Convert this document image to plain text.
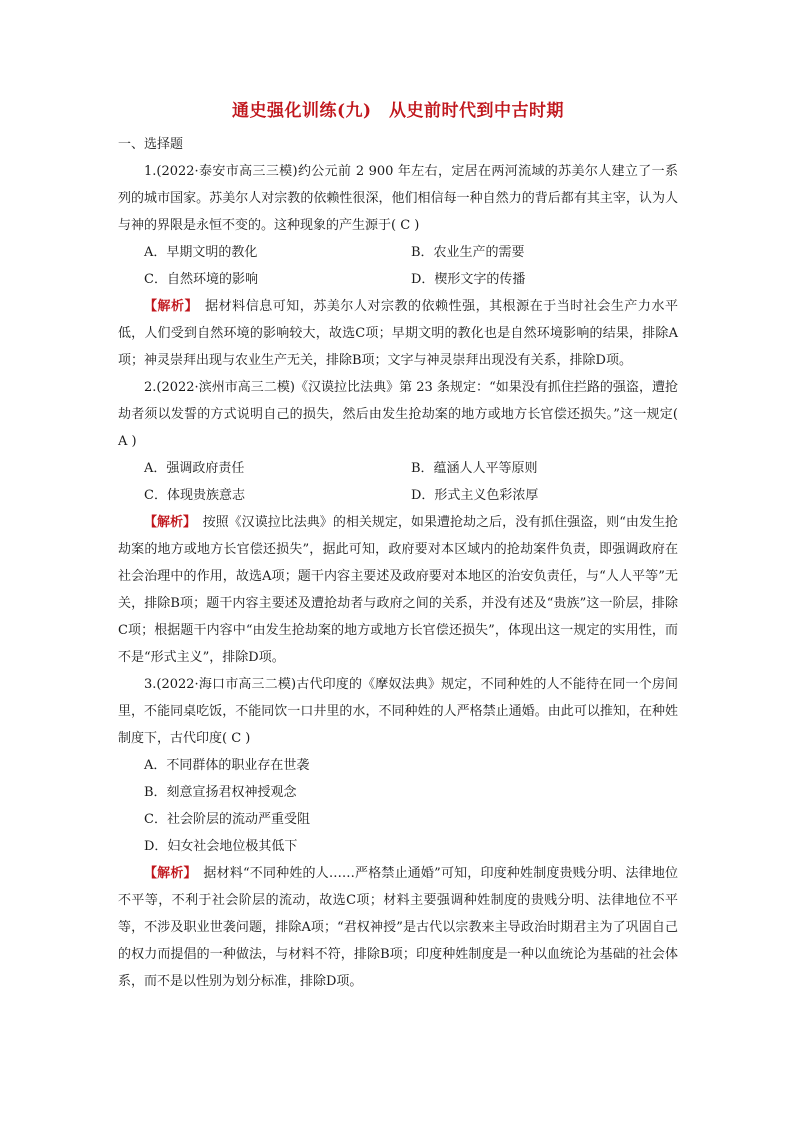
通史强化训练(九)　从史前时代到中古时期

一、选择题

1.(2022·泰安市高三三模)约公元前 2 900 年左右，定居在两河流域的苏美尔人建立了一系列的城市国家。苏美尔人对宗教的依赖性很深，他们相信每一种自然力的背后都有其主宰，认为人与神的界限是永恒不变的。这种现象的产生源于( C )

A．早期文明的教化	B．农业生产的需要
C．自然环境的影响	D．楔形文字的传播

【解析】　据材料信息可知，苏美尔人对宗教的依赖性强，其根源在于当时社会生产力水平低，人们受到自然环境的影响较大，故选C项；早期文明的教化也是自然环境影响的结果，排除A项；神灵崇拜出现与农业生产无关，排除B项；文字与神灵崇拜出现没有关系，排除D项。

2.(2022·滨州市高三二模)《汉谟拉比法典》第 23 条规定：“如果没有抓住拦路的强盗，遭抢劫者须以发誓的方式说明自己的损失，然后由发生抢劫案的地方或地方长官偿还损失。”这一规定( A )

A．强调政府责任	B．蕴涵人人平等原则
C．体现贵族意志	D．形式主义色彩浓厚

【解析】　按照《汉谟拉比法典》的相关规定，如果遭抢劫之后，没有抓住强盗，则“由发生抢劫案的地方或地方长官偿还损失”，据此可知，政府要对本区域内的抢劫案件负责，即强调政府在社会治理中的作用，故选A项；题干内容主要述及政府要对本地区的治安负责任，与“人人平等”无关，排除B项；题干内容主要述及遭抢劫者与政府之间的关系，并没有述及“贵族”这一阶层，排除C项；根据题干内容中“由发生抢劫案的地方或地方长官偿还损失”，体现出这一规定的实用性，而不是“形式主义”，排除D项。

3.(2022·海口市高三二模)古代印度的《摩奴法典》规定，不同种姓的人不能待在同一个房间里，不能同桌吃饭，不能同饮一口井里的水，不同种姓的人严格禁止通婚。由此可以推知，在种姓制度下，古代印度( C )

A．不同群体的职业存在世袭
B．刻意宣扬君权神授观念
C．社会阶层的流动严重受阻
D．妇女社会地位极其低下

【解析】　据材料“不同种姓的人……严格禁止通婚”可知，印度种姓制度贵贱分明、法律地位不平等，不利于社会阶层的流动，故选C项；材料主要强调种姓制度的贵贱分明、法律地位不平等，不涉及职业世袭问题，排除A项；“君权神授”是古代以宗教来主导政治时期君主为了巩固自己的权力而提倡的一种做法，与材料不符，排除B项；印度种姓制度是一种以血统论为基础的社会体系，而不是以性别为划分标准，排除D项。
